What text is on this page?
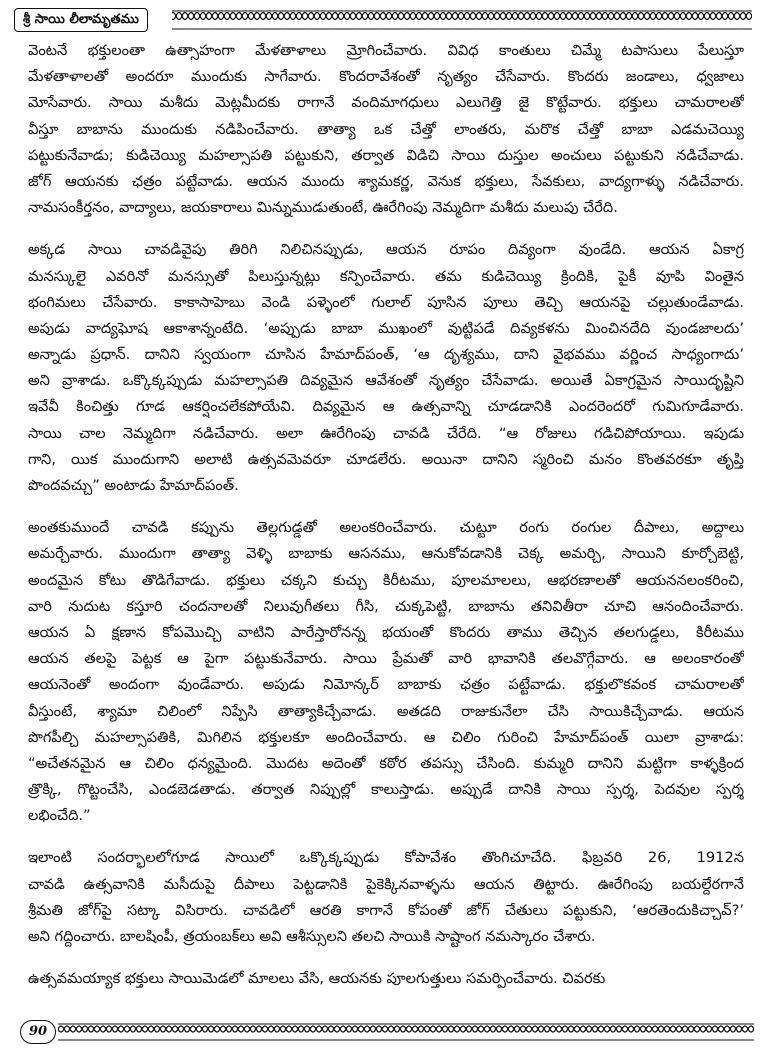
శ్రీ సాయి లీలామృతము
వెంటనే భక్తులంతా ఉత్సాహంగా మేళతాళాలు మ్రోగించేవారు. వివిధ కాంతులు చిమ్మే టపాసులు పేలుస్తూ
మేళతాళాలతో అందరూ ముందుకు సాగేవారు. కొందరావేశంతో నృత్యం చేసేవారు. కొందరు జండాలు, ధ్వజాలు
మోసేవారు. సాయి మశీదు మెట్లమీదకు రాగానే వందిమాగధులు ఎలుగెత్తి జై కొట్టేవారు. భక్తులు చామరాలతో
వీస్తూ బాబాను ముందుకు నడిపించేవారు. తాత్యా ఒక చేత్తో లాంతరు, మరొక చేత్తో బాబా ఎడమచెయ్యి
పట్టుకునేవాడు; కుడిచెయ్యి మహల్సాపతి పట్టుకుని, తర్వాత విడిచి సాయి దుస్తుల అంచులు పట్టుకుని నడిచేవాడు.
జోగ్ ఆయనకు ఛత్రం పట్టేవాడు. ఆయన ముందు శ్యామకర్ణ, వెనుక భక్తులు, సేవకులు, వాద్యగాళ్ళు నడిచేవారు.
నామసంకీర్తనం, వాద్యాలు, జయకారాలు మిన్నుముడుతుంటే, ఊరేగింపు నెమ్మదిగా మశీదు మలుపు చేరేది.
అక్కడ సాయి చావడివైపు తిరిగి నిలిచినప్పుడు, ఆయన రూపం దివ్యంగా వుండేది. ఆయన ఏకాగ్ర
మనస్కులై ఎవరినో మనస్సుతో పిలుస్తున్నట్లు కన్పించేవారు. తమ కుడిచెయ్యి క్రిందికి, పైకీ వూపి వింతైన
భంగిమలు చేసేవారు. కాకాసాహెబు వెండి పళ్ళెంలో గులాల్ పూసిన పూలు తెచ్చి ఆయనపై చల్లుతుండేవాడు.
అపుడు వాద్యఘోష ఆకాశాన్నంటేది. ‘అప్పుడు బాబా ముఖంలో వుట్టిపడే దివ్యకళను మించినదేది వుండజాలదు’
అన్నాడు ప్రధాన్. దానిని స్వయంగా చూసిన హేమాద్‌పంత్, ‘ఆ దృశ్యము, దాని వైభవము వర్ణించ సాధ్యంగాదు’
అని వ్రాశాడు. ఒక్కొక్కప్పుడు మహల్సాపతి దివ్యమైన ఆవేశంతో నృత్యం చేసేవాడు. అయితే ఏకాగ్రమైన సాయిదృష్టిని
ఇవేవీ కించిత్తు గూడ ఆకర్షించలేకపోయేవి. దివ్యమైన ఆ ఉత్సవాన్ని చూడడానికి ఎందరెందరో గుమిగూడేవారు.
సాయి చాల నెమ్మదిగా నడిచేవారు. అలా ఊరేగింపు చావడి చేరేది. “ఆ రోజులు గడిచిపోయాయి. ఇపుడు
గాని, యిక ముందుగాని అలాటి ఉత్సవమెవరూ చూడలేరు. అయినా దానిని స్మరించి మనం కొంతవరకూ తృప్తి
పొందవచ్చు” అంటాడు హేమాద్‌పంత్.
అంతకుముందే చావడి కప్పును తెల్లగుడ్డతో అలంకరించేవారు. చుట్టూ రంగు రంగుల దీపాలు, అద్దాలు
అమర్చేవారు. ముందుగా తాత్యా వెళ్ళి బాబాకు ఆసనము, ఆనుకోవడానికి చెక్క అమర్చి, సాయిని కూర్చోబెట్టి,
అందమైన కోటు తొడిగేవాడు. భక్తులు చక్కని కుచ్చు కిరీటము, పూలమాలలు, ఆభరణాలతో ఆయననలంకరించి,
వారి నుదుట కస్తూరి చందనాలతో నిలువుగీతలు గీసి, చుక్కపెట్టి, బాబాను తనివితీరా చూచి ఆనందించేవారు.
ఆయన ఏ క్షణాన కోపమొచ్చి వాటిని పారేస్తారోనన్న భయంతో కొందరు తాము తెచ్చిన తలగుడ్డలు, కిరీటము
ఆయన తలపై పెట్టక ఆ పైగా పట్టుకునేవారు. సాయి ప్రేమతో వారి భావానికి తలవొగ్గేవారు. ఆ అలంకారంతో
ఆయనెంతో అందంగా వుండేవారు. అపుడు నిమోన్కర్ బాబాకు ఛత్రం పట్టేవాడు. భక్తులొకవంక చామరాలతో
వీస్తుంటే, శ్యామా చిలింలో నిప్పేసి తాత్యాకిచ్చేవాడు. అతడది రాజుకునేలా చేసి సాయికిచ్చేవాడు. ఆయన
పొగపీల్చి మహల్సాపతికి, మిగిలిన భక్తులకూ అందించేవారు. ఆ చిలిం గురించి హేమాద్‌పంత్ యిలా వ్రాశాడు:
“అచేతనమైన ఆ చిలిం ధన్యమైంది. మొదట అదెంతో కఠోర తపస్సు చేసింది. కుమ్మరి దానిని మట్టిగా కాళ్ళక్రింద
త్రొక్కి, గొట్టంచేసి, ఎండబెడతాడు. తర్వాత నిప్పుల్లో కాలుస్తాడు. అప్పుడే దానికి సాయి స్పర్శ, పెదవుల స్పర్శ
లభించేది.”
ఇలాంటి సందర్భాలలోగూడ సాయిలో ఒక్కొక్కప్పుడు కోపావేశం తొంగిచూచేది. ఫిబ్రవరి 26, 1912న
చావడి ఉత్సవానికి మసీదుపై దీపాలు పెట్టడానికి పైకెక్కినవాళ్ళను ఆయన తిట్టారు. ఊరేగింపు బయల్దేరగానే
శ్రీమతి జోగ్‌పై సట్కా విసిరారు. చావడిలో ఆరతి కాగానే కోపంతో జోగ్ చేతులు పట్టుకుని, ‘ఆరతెందుకిచ్చావ్?’
అని గద్దించారు. బాలషింపీ, త్రయంబక్‌లు అవి ఆశీస్సులని తలచి సాయికి సాష్టాంగ నమస్కారం చేశారు.
ఉత్సవమయ్యాక భక్తులు సాయిమెడలో మాలలు వేసి, ఆయనకు పూలగుత్తులు సమర్పించేవారు. చివరకు
90
